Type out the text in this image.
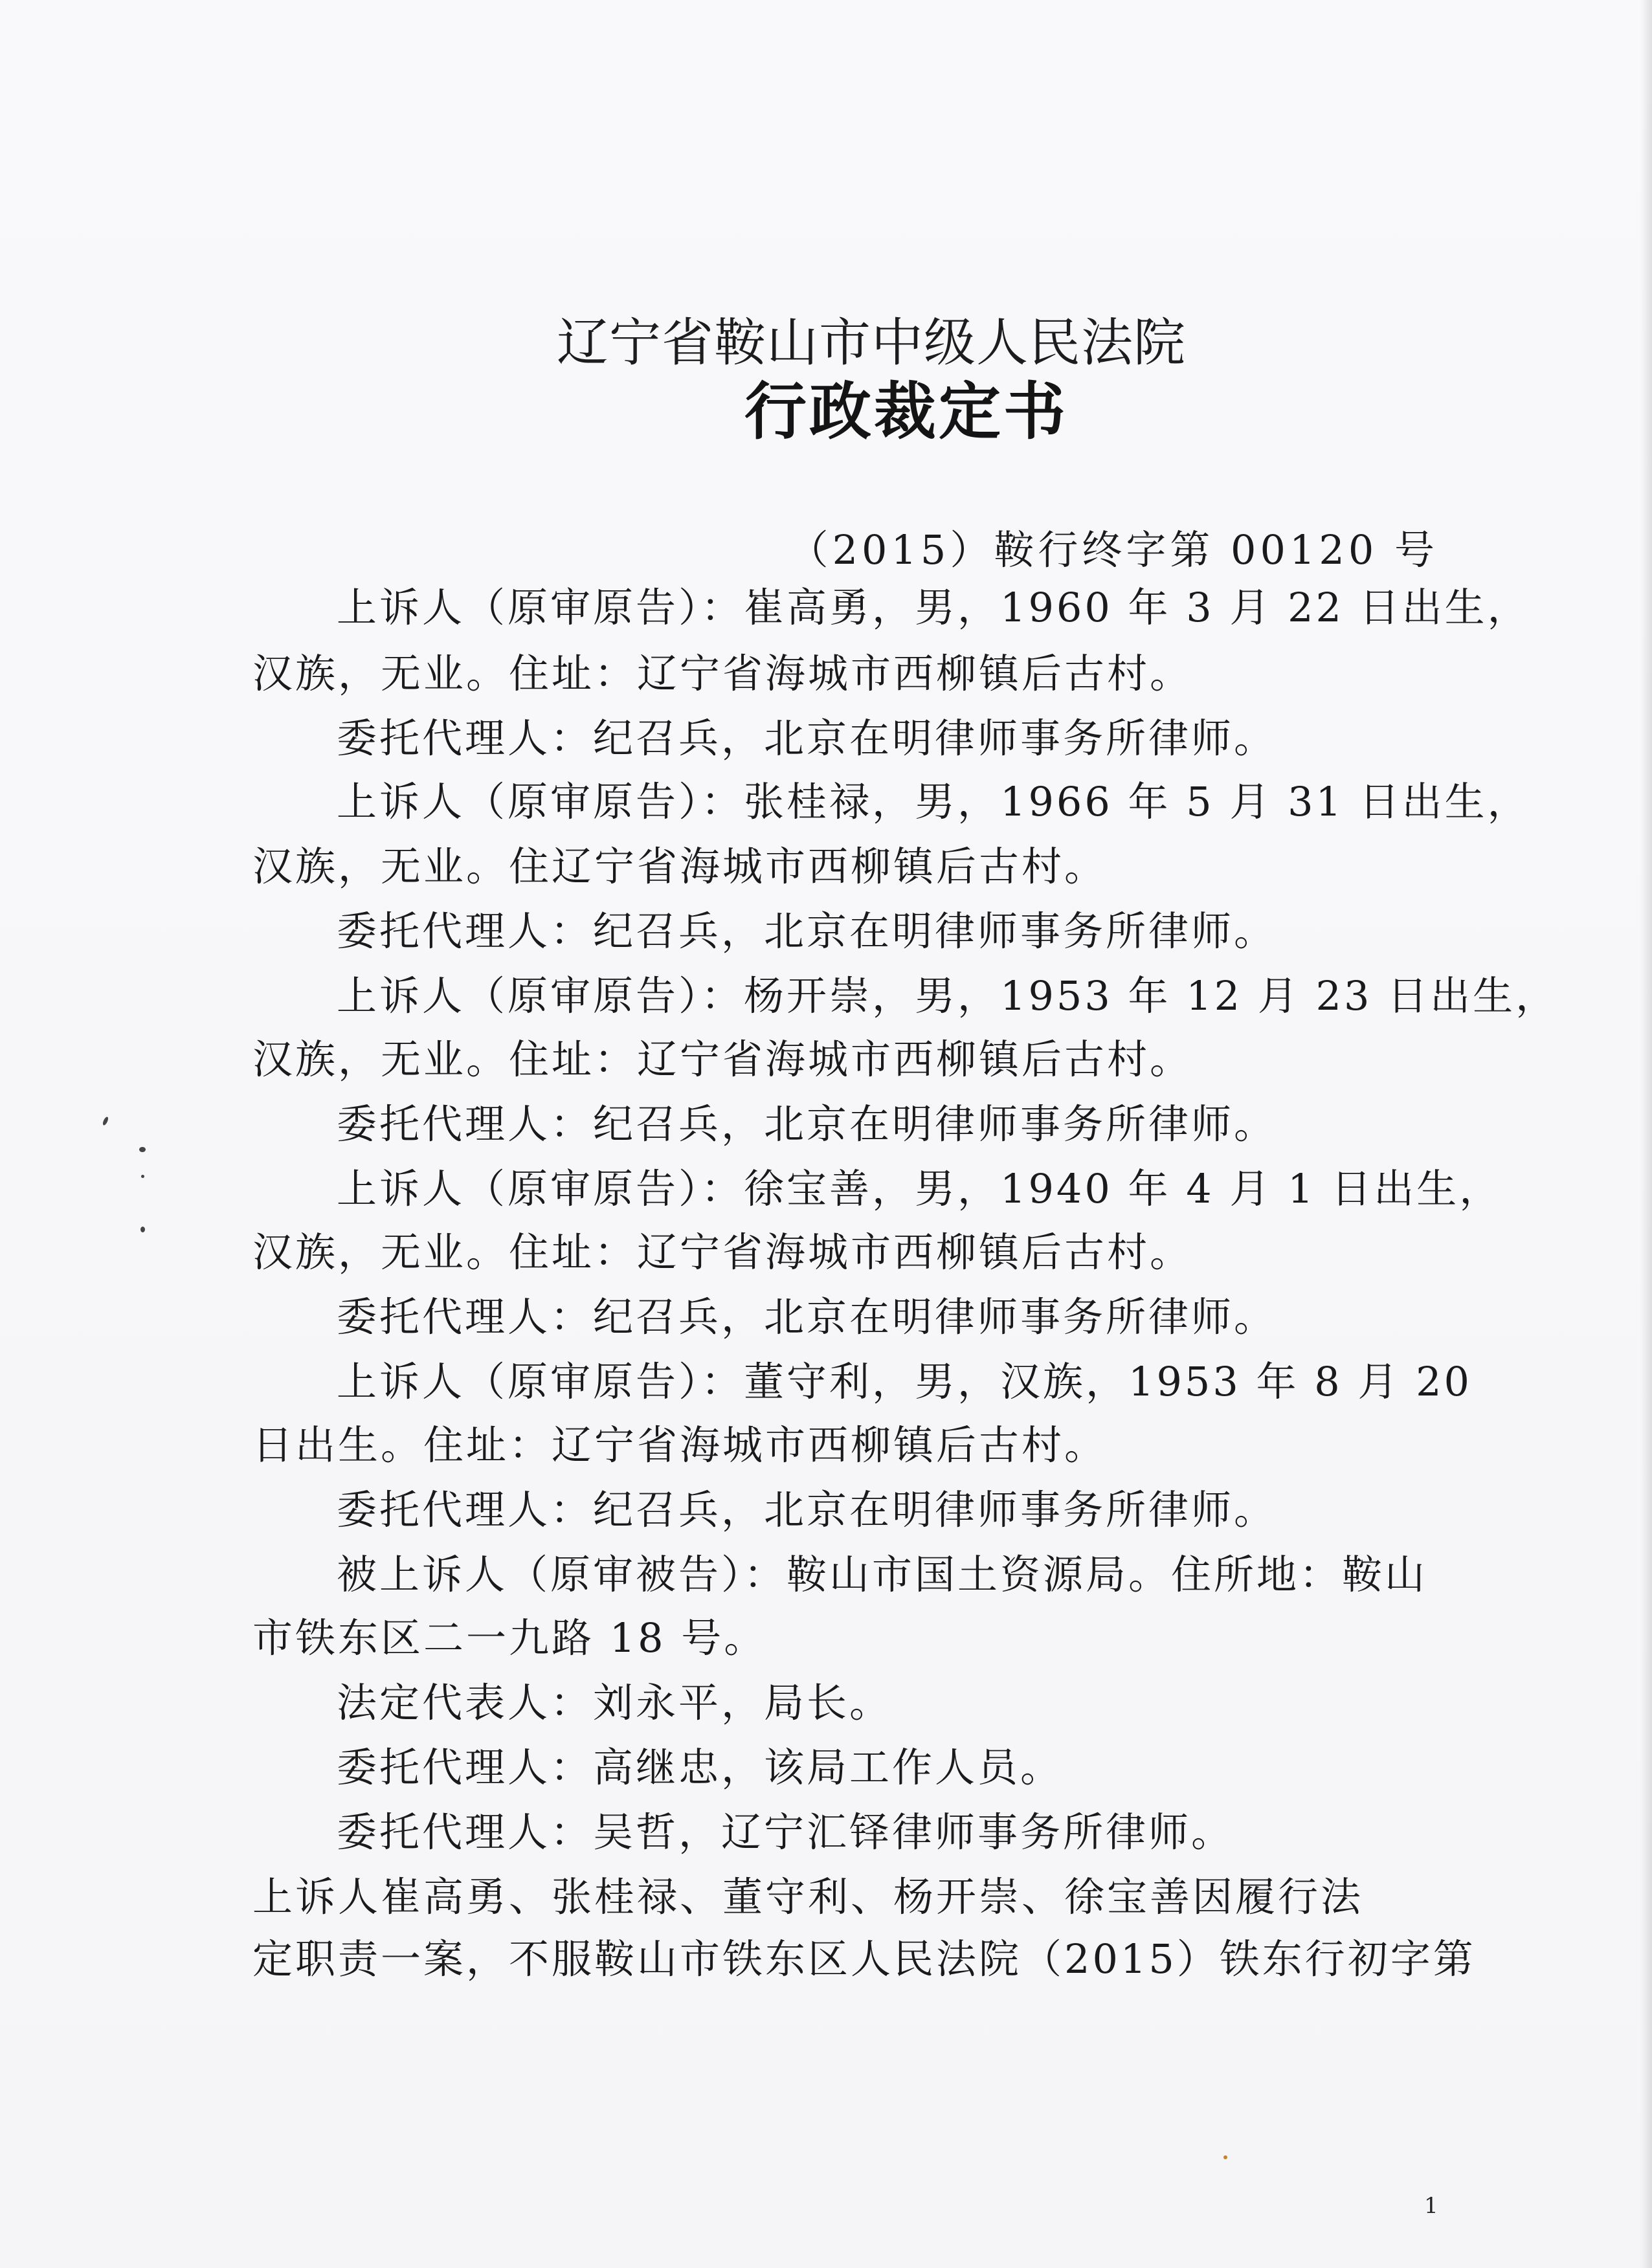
辽宁省鞍山市中级人民法院
行政裁定书
（2015）鞍行终字第 00120 号
上诉人（原审原告）：崔高勇，男，1960 年 3 月 22 日出生，
汉族，无业。住址：辽宁省海城市西柳镇后古村。
委托代理人：纪召兵，北京在明律师事务所律师。
上诉人（原审原告）：张桂禄，男，1966 年 5 月 31 日出生，
汉族，无业。住辽宁省海城市西柳镇后古村。
委托代理人：纪召兵，北京在明律师事务所律师。
上诉人（原审原告）：杨开崇，男，1953 年 12 月 23 日出生，
汉族，无业。住址：辽宁省海城市西柳镇后古村。
委托代理人：纪召兵，北京在明律师事务所律师。
上诉人（原审原告）：徐宝善，男，1940 年 4 月 1 日出生，
汉族，无业。住址：辽宁省海城市西柳镇后古村。
委托代理人：纪召兵，北京在明律师事务所律师。
上诉人（原审原告）：董守利，男，汉族，1953 年 8 月 20
日出生。住址：辽宁省海城市西柳镇后古村。
委托代理人：纪召兵，北京在明律师事务所律师。
被上诉人（原审被告）：鞍山市国土资源局。住所地：鞍山
市铁东区二一九路 18 号。
法定代表人：刘永平，局长。
委托代理人：高继忠，该局工作人员。
委托代理人：吴哲，辽宁汇铎律师事务所律师。
上诉人崔高勇、张桂禄、董守利、杨开崇、徐宝善因履行法
定职责一案，不服鞍山市铁东区人民法院（2015）铁东行初字第
1
